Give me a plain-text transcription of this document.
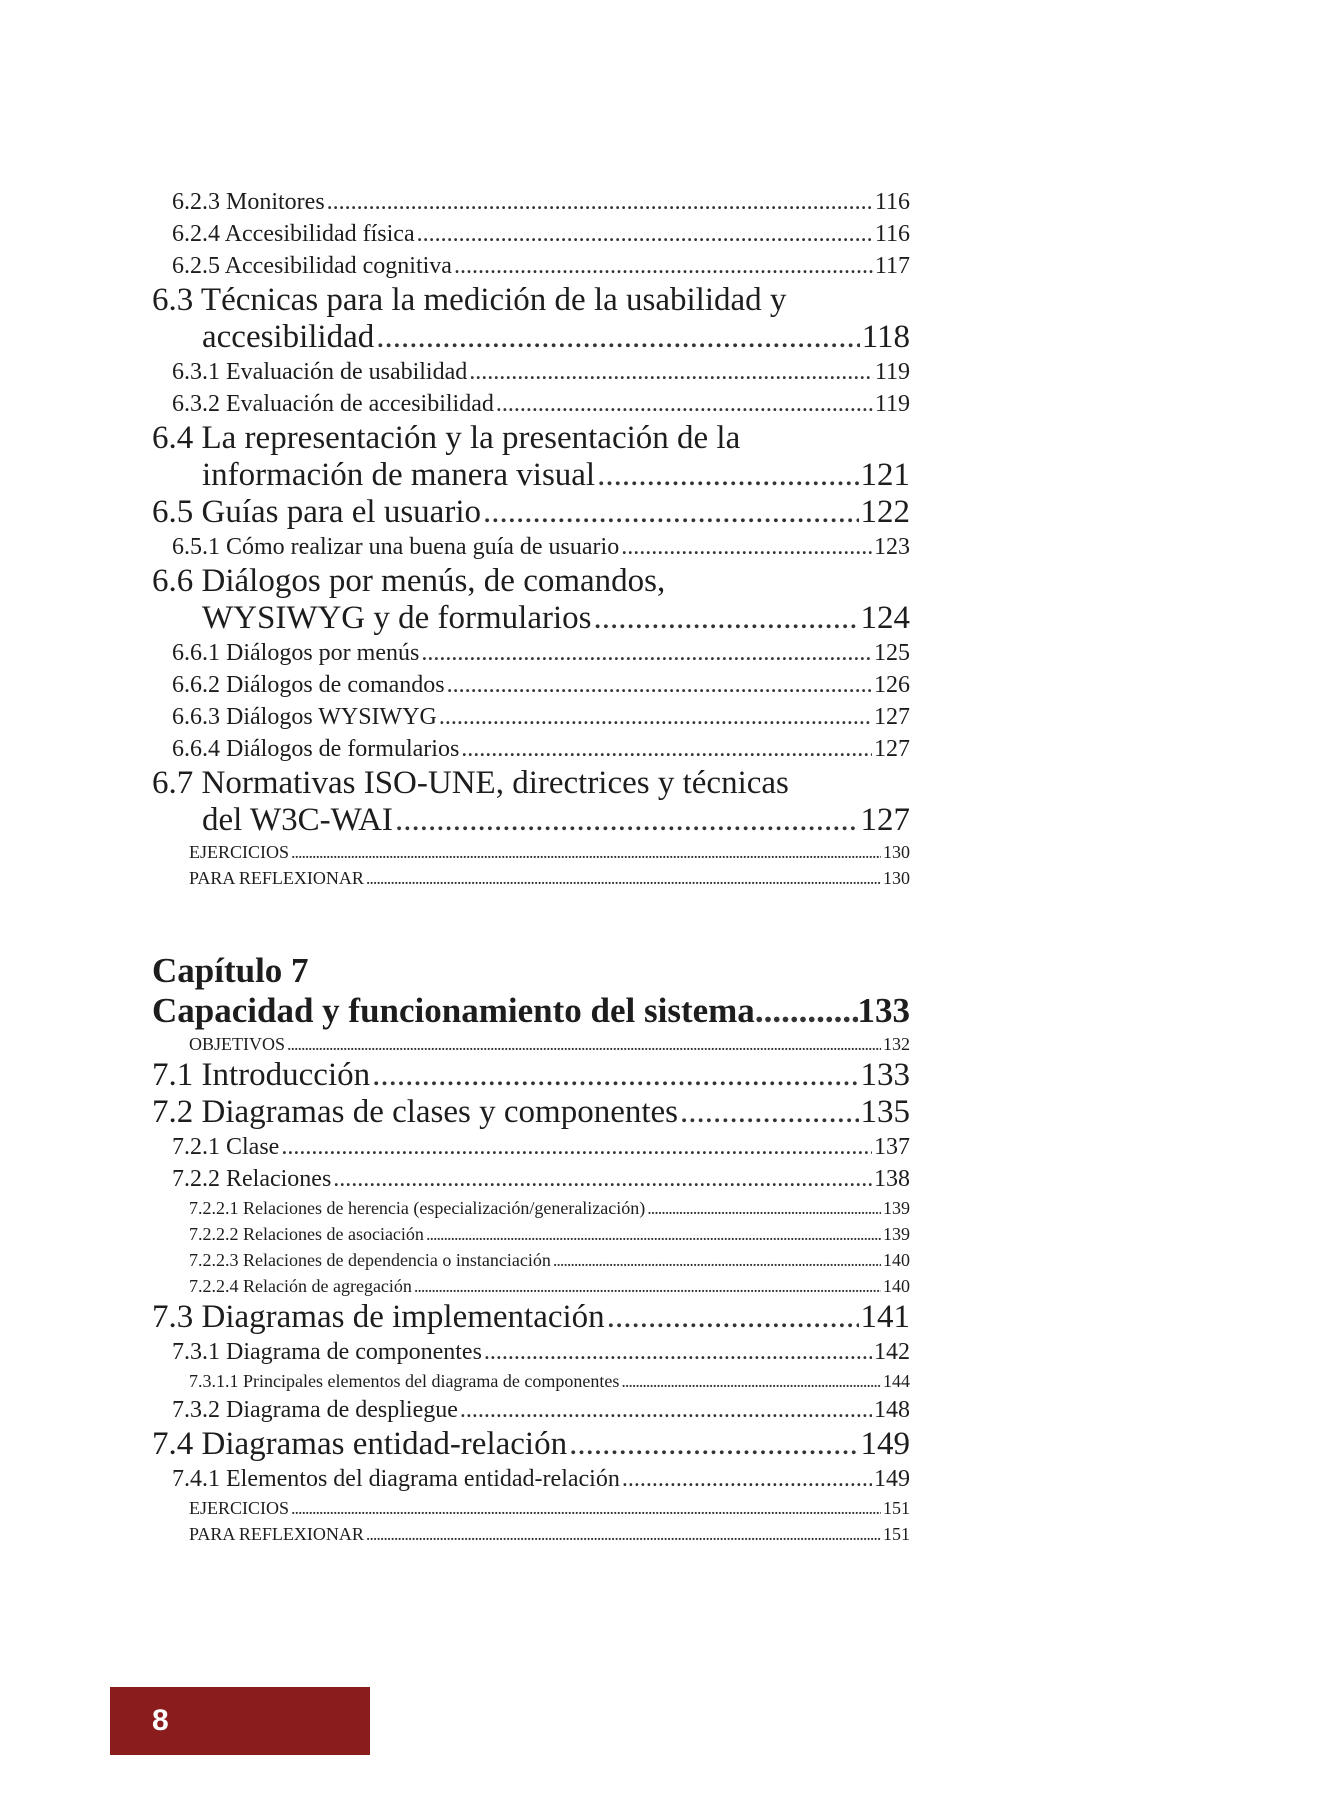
6.2.3 Monitores .....	116
6.2.4 Accesibilidad física .....	116
6.2.5 Accesibilidad cognitiva .....	117
6.3 Técnicas para la medición de la usabilidad y
accesibilidad .....	118
6.3.1 Evaluación de usabilidad .....	119
6.3.2 Evaluación de accesibilidad .....	119
6.4 La representación y la presentación de la
información de manera visual .....	121
6.5 Guías para el usuario .....	122
6.5.1 Cómo realizar una buena guía de usuario .....	123
6.6 Diálogos por menús, de comandos,
WYSIWYG y de formularios .....	124
6.6.1 Diálogos por menús .....	125
6.6.2 Diálogos de comandos .....	126
6.6.3 Diálogos WYSIWYG .....	127
6.6.4 Diálogos de formularios .....	127
6.7 Normativas ISO-UNE, directrices y técnicas
del W3C-WAI .....	127
EJERCICIOS .....	130
PARA REFLEXIONAR .....	130
Capítulo 7
Capacidad y funcionamiento del sistema .....	133
OBJETIVOS .....	132
7.1 Introducción .....	133
7.2 Diagramas de clases y componentes .....	135
7.2.1 Clase .....	137
7.2.2 Relaciones .....	138
7.2.2.1 Relaciones de herencia (especialización/generalización) .....	139
7.2.2.2 Relaciones de asociación .....	139
7.2.2.3 Relaciones de dependencia o instanciación .....	140
7.2.2.4 Relación de agregación .....	140
7.3 Diagramas de implementación .....	141
7.3.1 Diagrama de componentes .....	142
7.3.1.1 Principales elementos del diagrama de componentes .....	144
7.3.2 Diagrama de despliegue .....	148
7.4 Diagramas entidad-relación .....	149
7.4.1 Elementos del diagrama entidad-relación .....	149
EJERCICIOS .....	151
PARA REFLEXIONAR .....	151
8
